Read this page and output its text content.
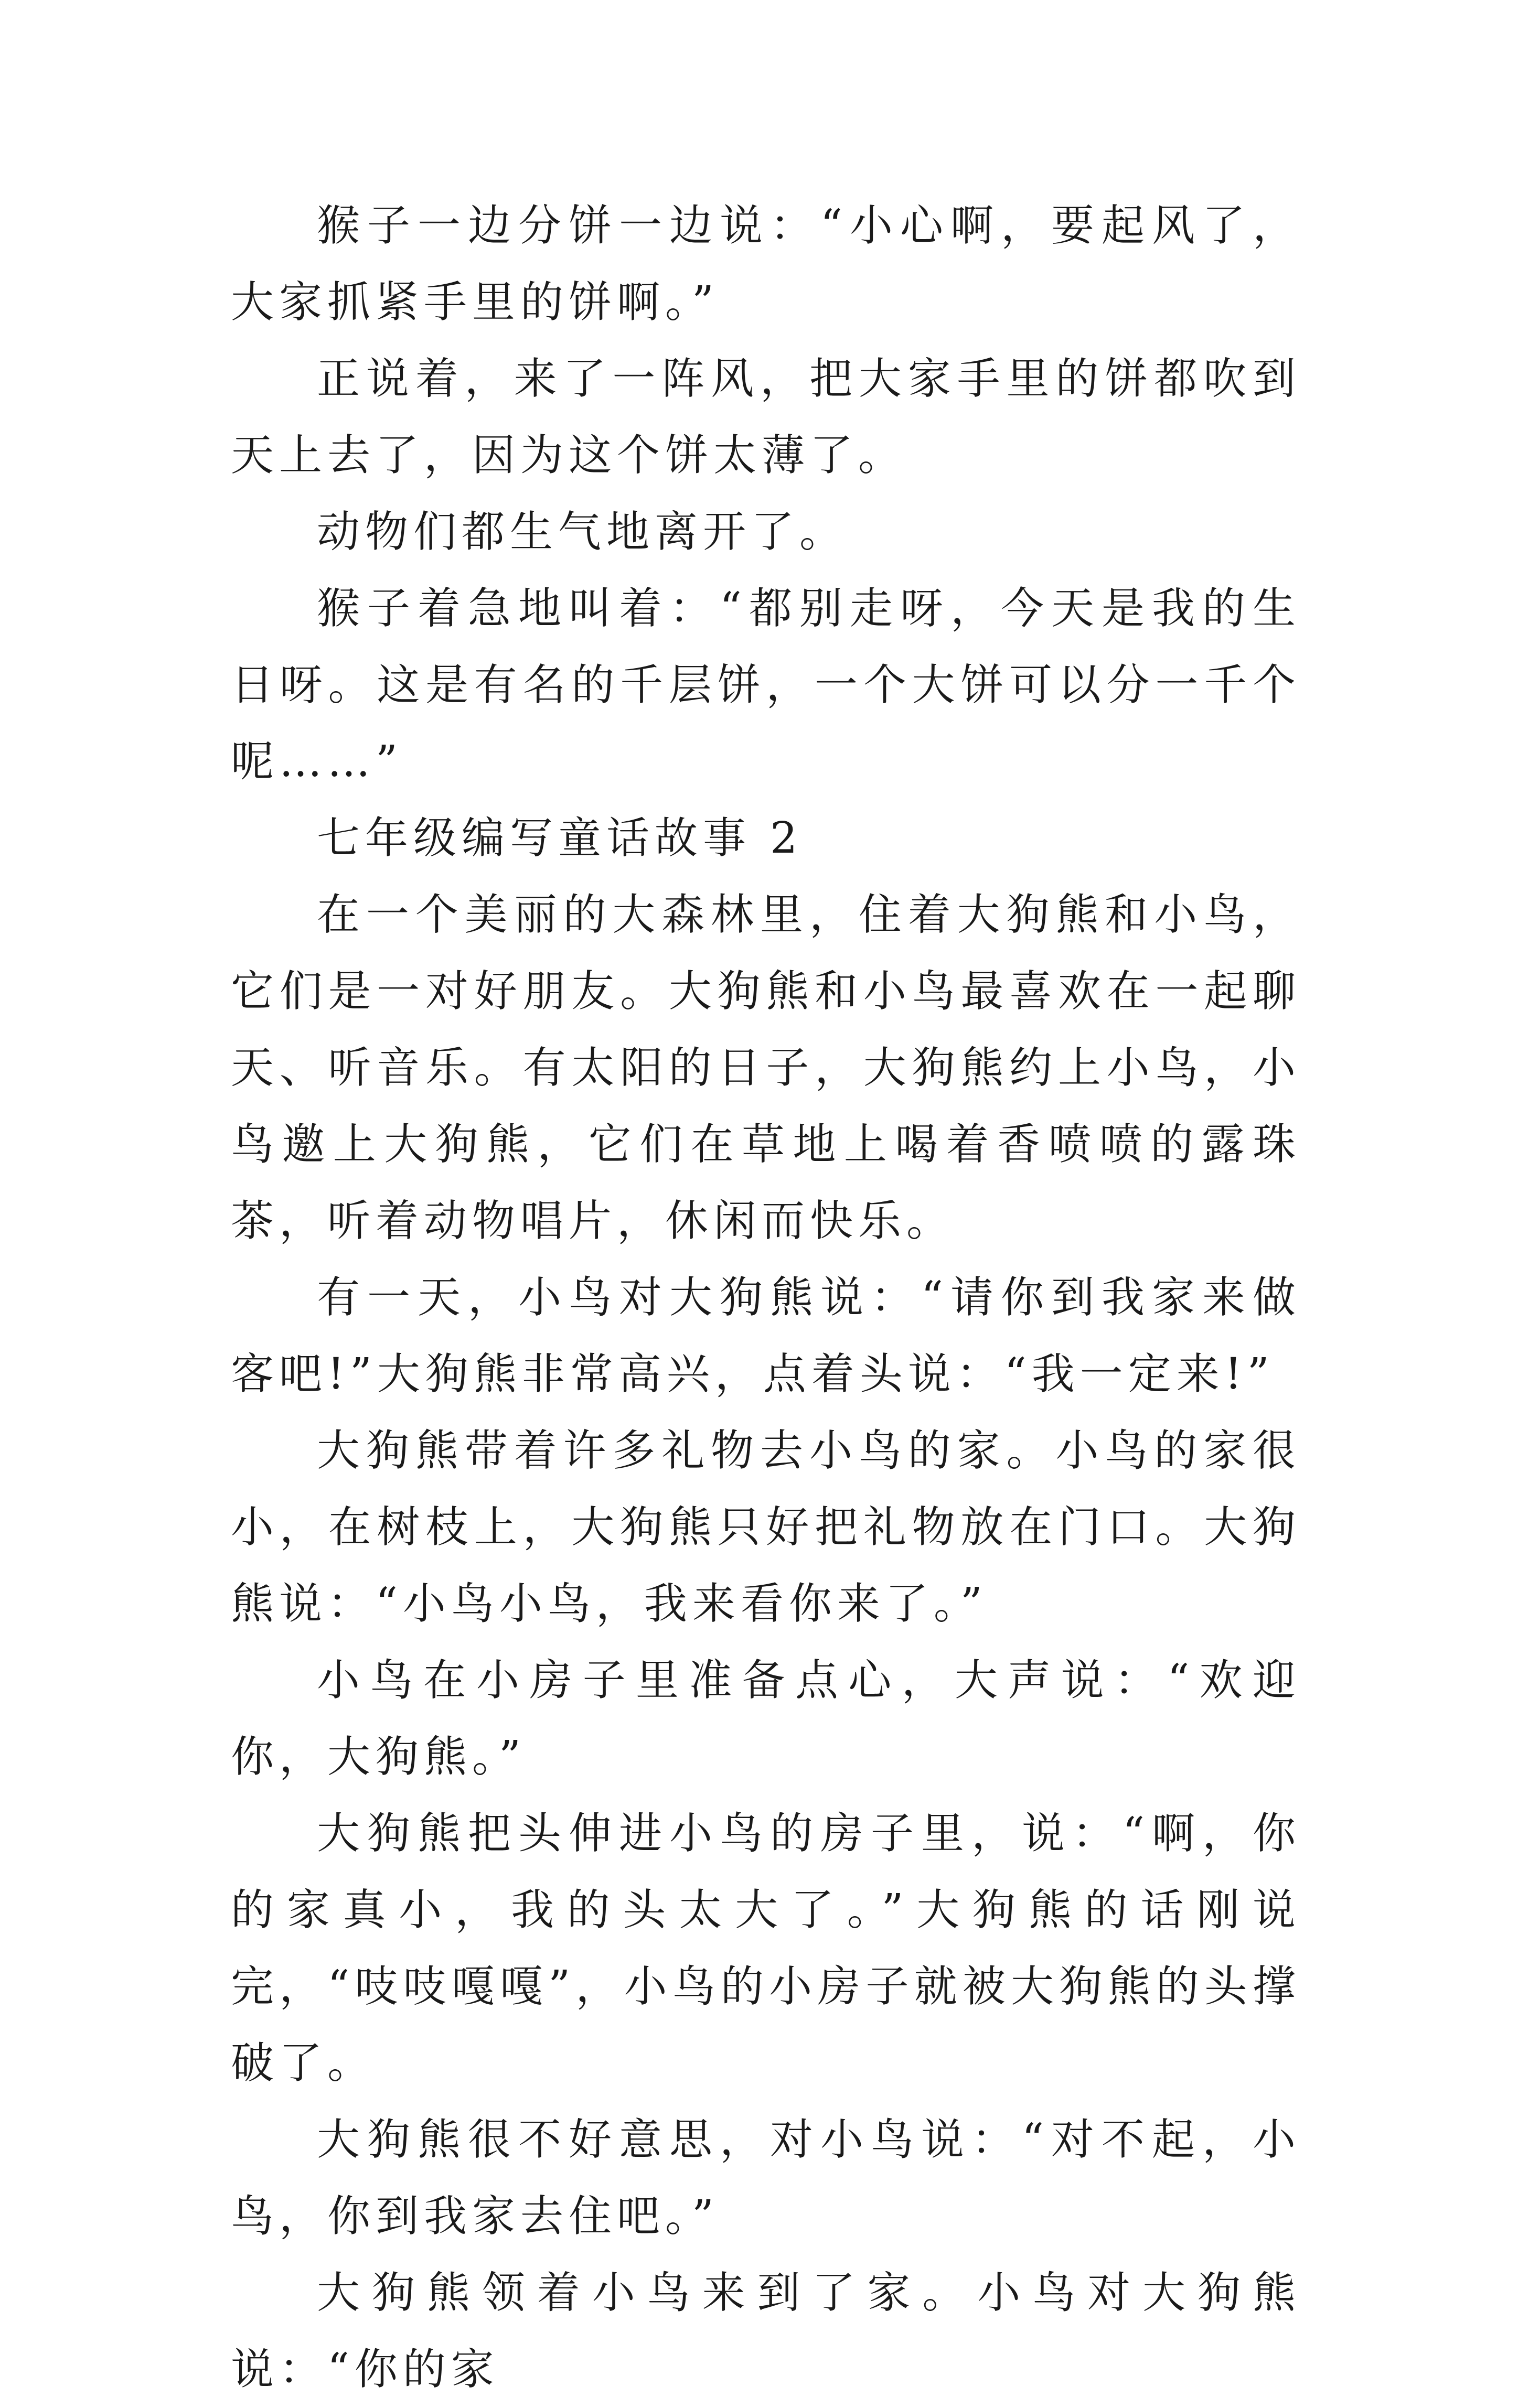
猴子一边分饼一边说：“小心啊，要起风了，大家抓紧手里的饼啊。”

正说着，来了一阵风，把大家手里的饼都吹到天上去了，因为这个饼太薄了。

动物们都生气地离开了。

猴子着急地叫着：“都别走呀，今天是我的生日呀。这是有名的千层饼，一个大饼可以分一千个呢……”

七年级编写童话故事 2

在一个美丽的大森林里，住着大狗熊和小鸟，它们是一对好朋友。大狗熊和小鸟最喜欢在一起聊天、听音乐。有太阳的日子，大狗熊约上小鸟，小鸟邀上大狗熊，它们在草地上喝着香喷喷的露珠茶，听着动物唱片，休闲而快乐。

有一天，小鸟对大狗熊说：“请你到我家来做客吧!”大狗熊非常高兴，点着头说：“我一定来!”

大狗熊带着许多礼物去小鸟的家。小鸟的家很小，在树枝上，大狗熊只好把礼物放在门口。大狗熊说：“小鸟小鸟，我来看你来了。”

小鸟在小房子里准备点心，大声说：“欢迎你，大狗熊。”

大狗熊把头伸进小鸟的房子里，说：“啊，你的家真小，我的头太大了。”大狗熊的话刚说完，“吱吱嘎嘎”，小鸟的小房子就被大狗熊的头撑破了。

大狗熊很不好意思，对小鸟说：“对不起，小鸟，你到我家去住吧。”

大狗熊领着小鸟来到了家。小鸟对大狗熊说：“你的家
